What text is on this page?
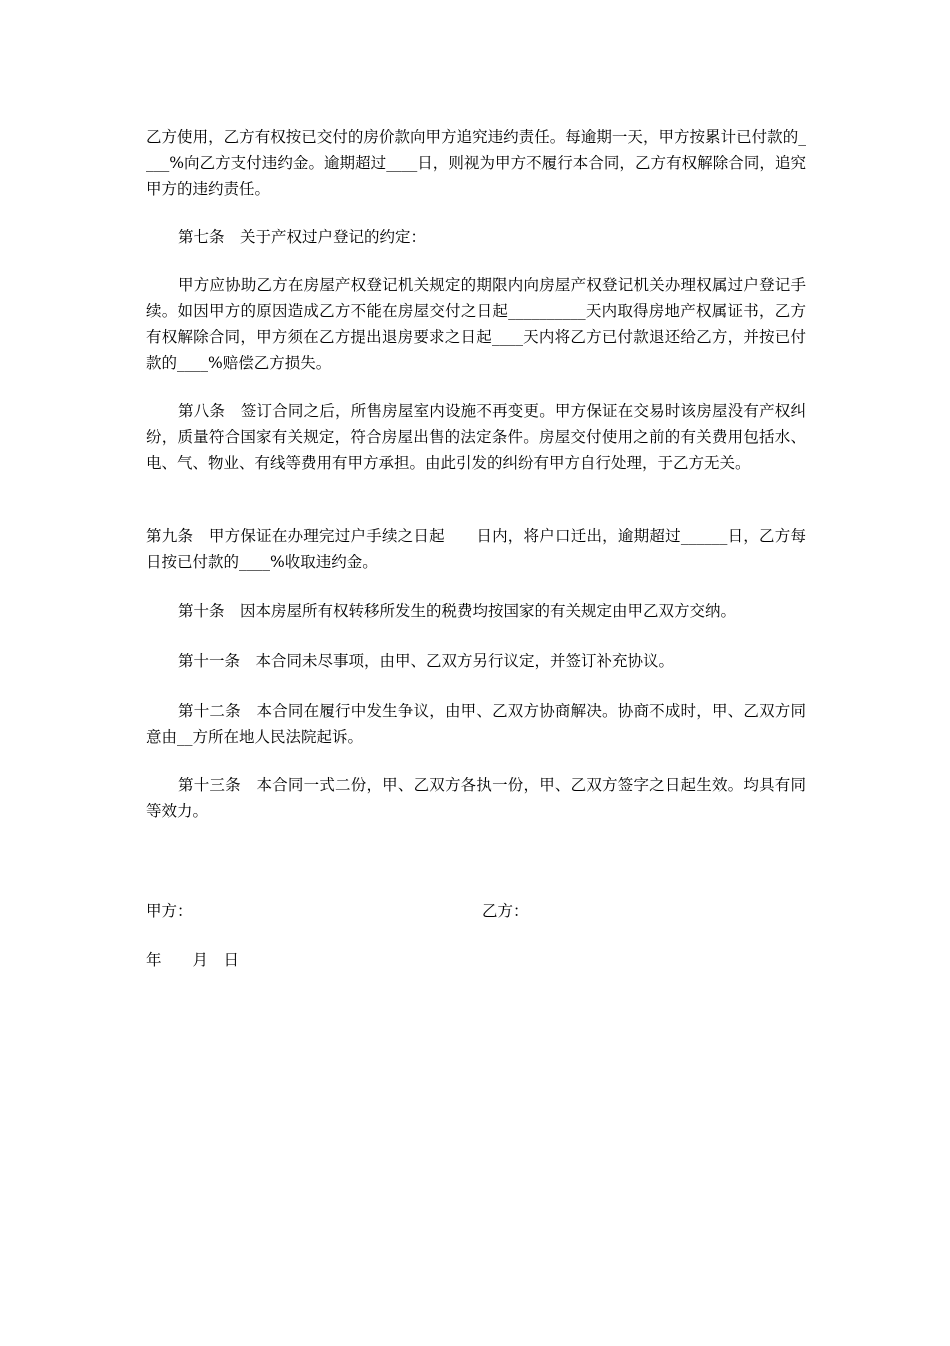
乙方使用，乙方有权按已交付的房价款向甲方追究违约责任。每逾期一天，甲方按累计已付款的____%向乙方支付违约金。逾期超过____日，则视为甲方不履行本合同，乙方有权解除合同，追究甲方的违约责任。

第七条　关于产权过户登记的约定：

甲方应协助乙方在房屋产权登记机关规定的期限内向房屋产权登记机关办理权属过户登记手续。如因甲方的原因造成乙方不能在房屋交付之日起__________天内取得房地产权属证书，乙方有权解除合同，甲方须在乙方提出退房要求之日起____天内将乙方已付款退还给乙方，并按已付款的____%赔偿乙方损失。

第八条　签订合同之后，所售房屋室内设施不再变更。甲方保证在交易时该房屋没有产权纠纷，质量符合国家有关规定，符合房屋出售的法定条件。房屋交付使用之前的有关费用包括水、电、气、物业、有线等费用有甲方承担。由此引发的纠纷有甲方自行处理，于乙方无关。

第九条　甲方保证在办理完过户手续之日起　　日内，将户口迁出，逾期超过______日，乙方每日按已付款的____%收取违约金。

第十条　因本房屋所有权转移所发生的税费均按国家的有关规定由甲乙双方交纳。

第十一条　本合同未尽事项，由甲、乙双方另行议定，并签订补充协议。

第十二条　本合同在履行中发生争议，由甲、乙双方协商解决。协商不成时，甲、乙双方同意由__方所在地人民法院起诉。

第十三条　本合同一式二份，甲、乙双方各执一份，甲、乙双方签字之日起生效。均具有同等效力。

甲方：	乙方：

年　　月　日
